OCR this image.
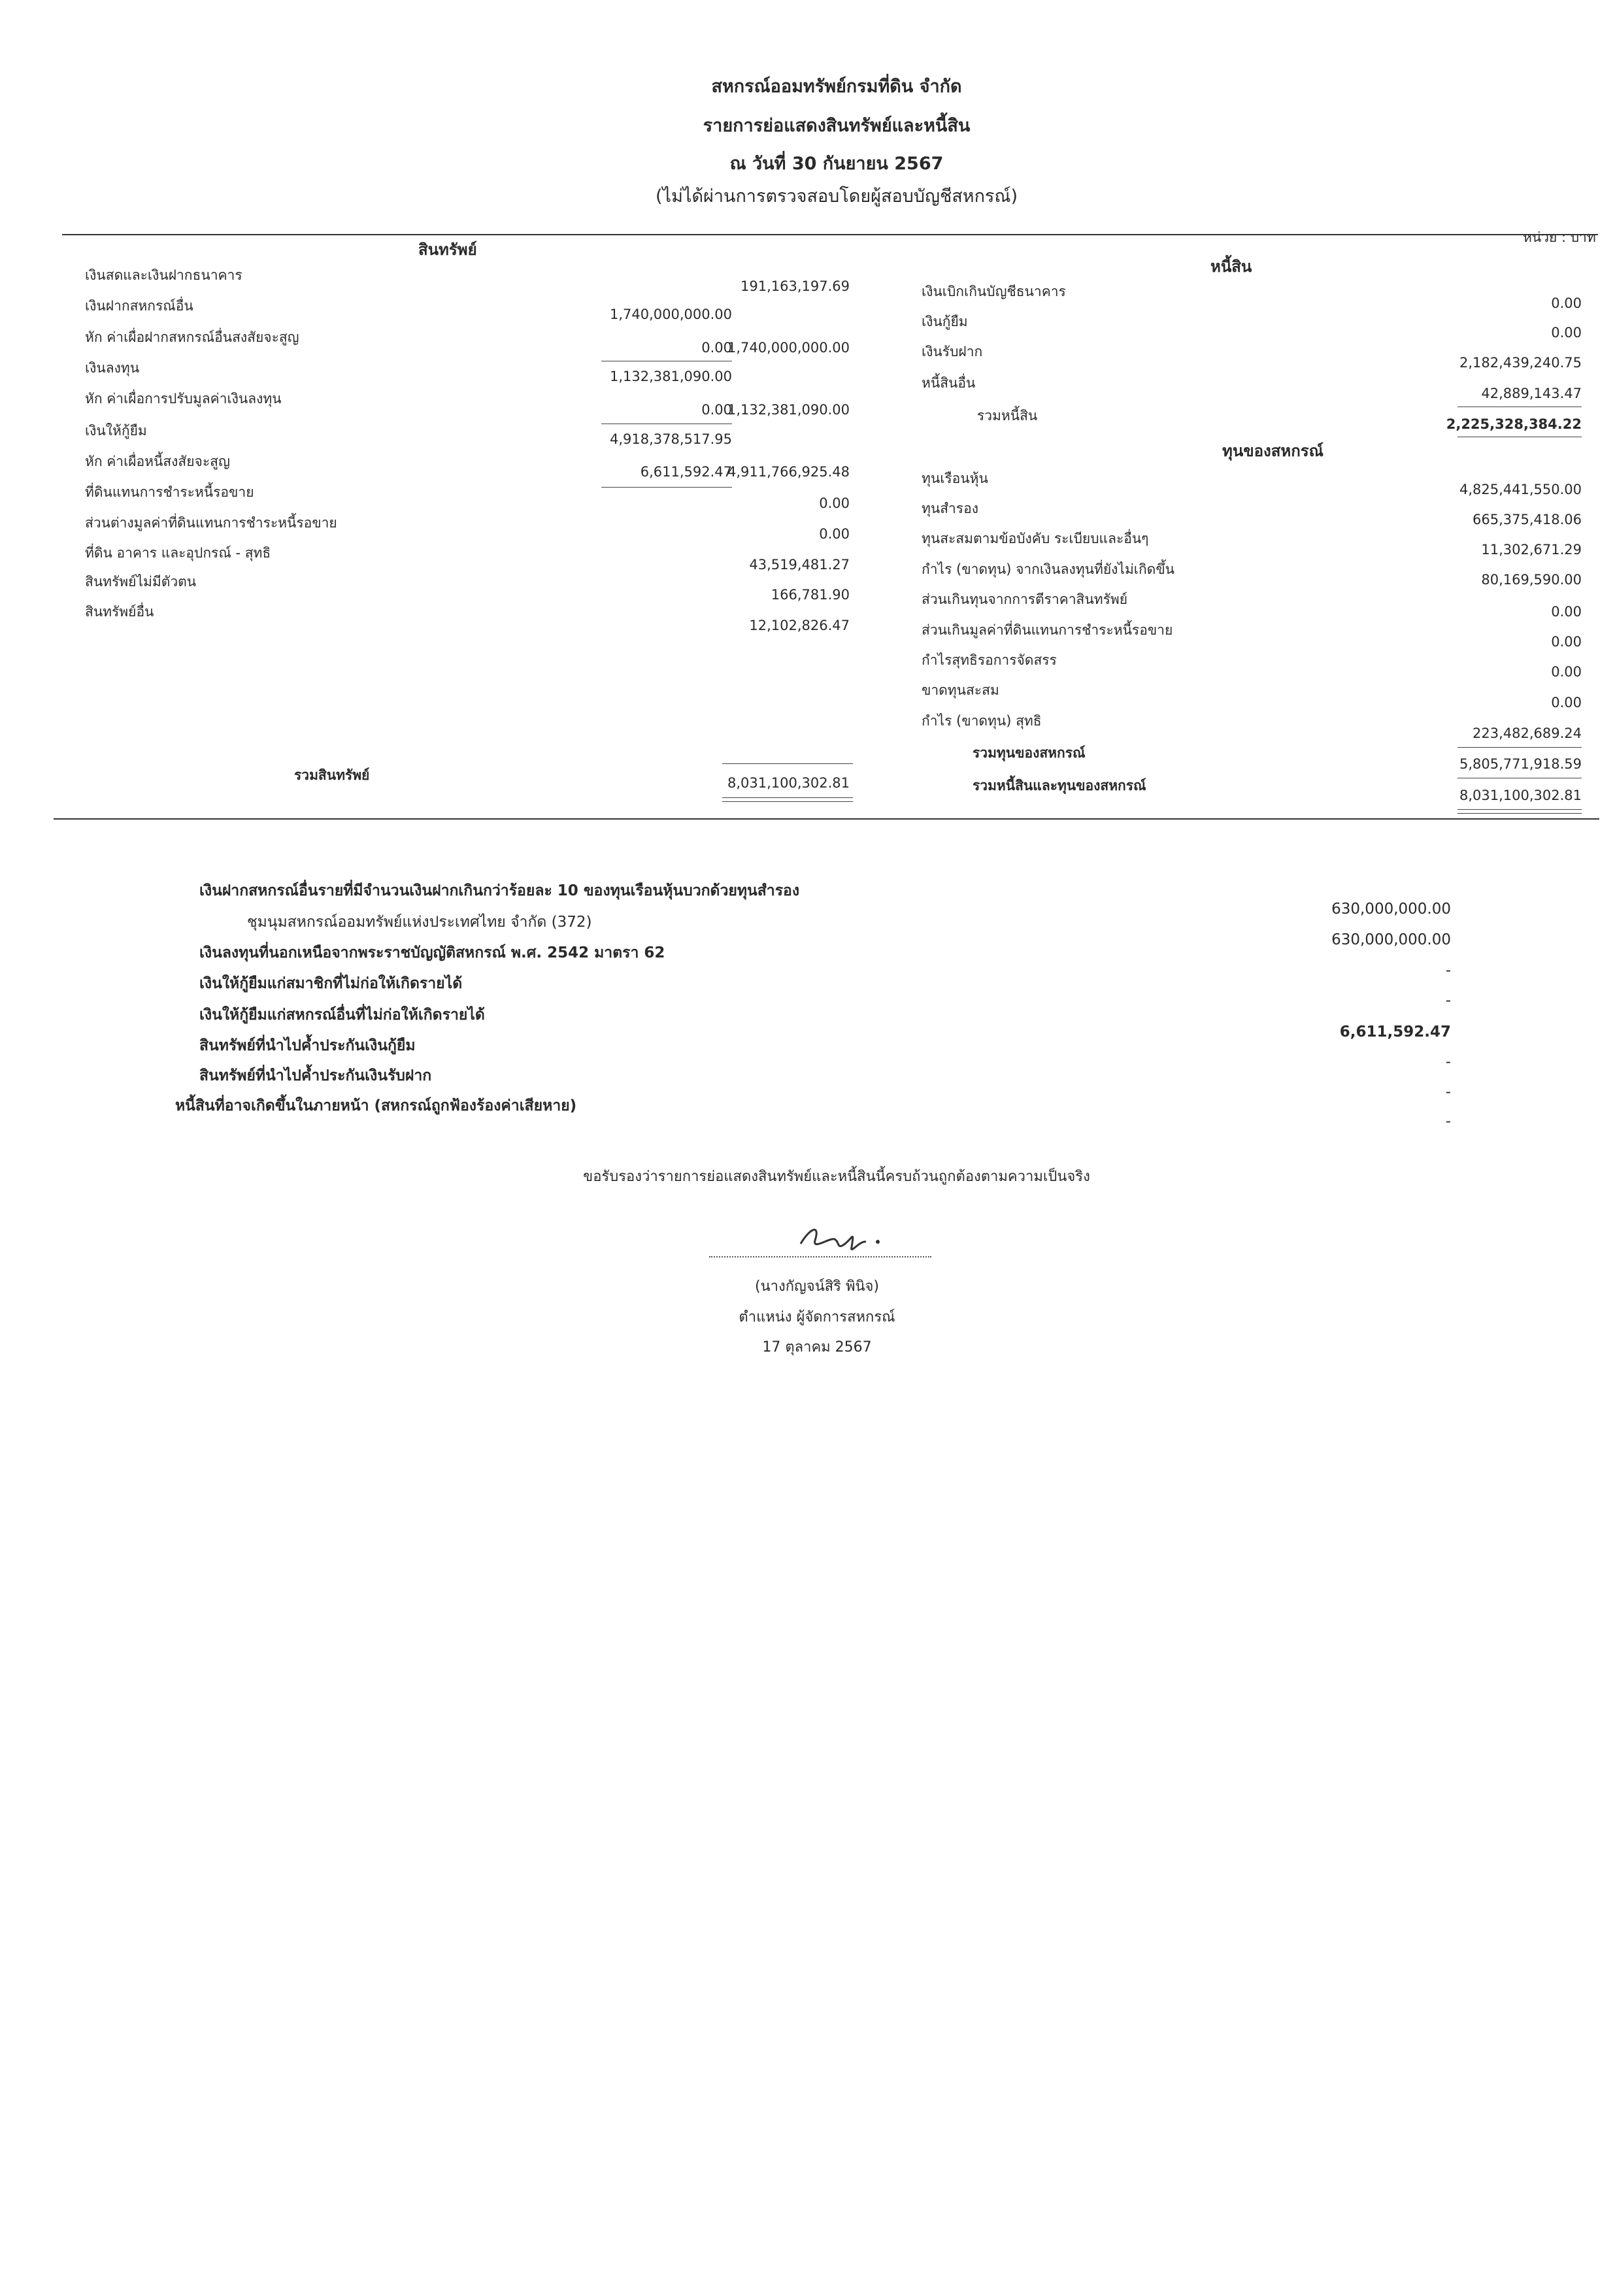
สหกรณ์ออมทรัพย์กรมที่ดิน จำกัด
รายการย่อแสดงสินทรัพย์และหนี้สิน
ณ วันที่ 30 กันยายน 2567
(ไม่ได้ผ่านการตรวจสอบโดยผู้สอบบัญชีสหกรณ์)
หน่วย : บาท
สินทรัพย์
หนี้สิน
เงินสดและเงินฝากธนาคาร
191,163,197.69
เงินฝากสหกรณ์อื่น
1,740,000,000.00
หัก ค่าเผื่อฝากสหกรณ์อื่นสงสัยจะสูญ
0.00
1,740,000,000.00
เงินลงทุน
1,132,381,090.00
หัก ค่าเผื่อการปรับมูลค่าเงินลงทุน
0.00
1,132,381,090.00
เงินให้กู้ยืม
4,918,378,517.95
หัก ค่าเผื่อหนี้สงสัยจะสูญ
6,611,592.47
4,911,766,925.48
ที่ดินแทนการชำระหนี้รอขาย
ส่วนต่างมูลค่าที่ดินแทนการชำระหนี้รอขาย
0.00
0.00
ที่ดิน อาคาร และอุปกรณ์ - สุทธิ
43,519,481.27
สินทรัพย์ไม่มีตัวตน
166,781.90
สินทรัพย์อื่น
12,102,826.47
รวมสินทรัพย์	8,031,100,302.81
เงินเบิกเกินบัญชีธนาคาร
0.00
เงินกู้ยืม
0.00
เงินรับฝาก
2,182,439,240.75
หนี้สินอื่น
42,889,143.47
รวมหนี้สิน
2,225,328,384.22
ทุนของสหกรณ์
ทุนเรือนหุ้น
4,825,441,550.00
ทุนสำรอง
665,375,418.06
ทุนสะสมตามข้อบังคับ ระเบียบและอื่นๆ
11,302,671.29
กำไร (ขาดทุน) จากเงินลงทุนที่ยังไม่เกิดขึ้น
80,169,590.00
ส่วนเกินทุนจากการตีราคาสินทรัพย์
0.00
ส่วนเกินมูลค่าที่ดินแทนการชำระหนี้รอขาย
0.00
กำไรสุทธิรอการจัดสรร
0.00
ขาดทุนสะสม
0.00
กำไร (ขาดทุน) สุทธิ
223,482,689.24
รวมทุนของสหกรณ์
5,805,771,918.59
รวมหนี้สินและทุนของสหกรณ์
8,031,100,302.81
เงินฝากสหกรณ์อื่นรายที่มีจำนวนเงินฝากเกินกว่าร้อยละ 10 ของทุนเรือนหุ้นบวกด้วยทุนสำรอง
630,000,000.00
ชุมนุมสหกรณ์ออมทรัพย์แห่งประเทศไทย จำกัด (372)
630,000,000.00
เงินลงทุนที่นอกเหนือจากพระราชบัญญัติสหกรณ์ พ.ศ. 2542 มาตรา 62
-
เงินให้กู้ยืมแก่สมาชิกที่ไม่ก่อให้เกิดรายได้
-
เงินให้กู้ยืมแก่สหกรณ์อื่นที่ไม่ก่อให้เกิดรายได้
6,611,592.47
สินทรัพย์ที่นำไปค้ำประกันเงินกู้ยืม
-
สินทรัพย์ที่นำไปค้ำประกันเงินรับฝาก
-
หนี้สินที่อาจเกิดขึ้นในภายหน้า (สหกรณ์ถูกฟ้องร้องค่าเสียหาย)
-
ขอรับรองว่ารายการย่อแสดงสินทรัพย์และหนี้สินนี้ครบถ้วนถูกต้องตามความเป็นจริง
(นางกัญจน์สิริ พินิจ)
ตำแหน่ง ผู้จัดการสหกรณ์
17 ตุลาคม 2567
